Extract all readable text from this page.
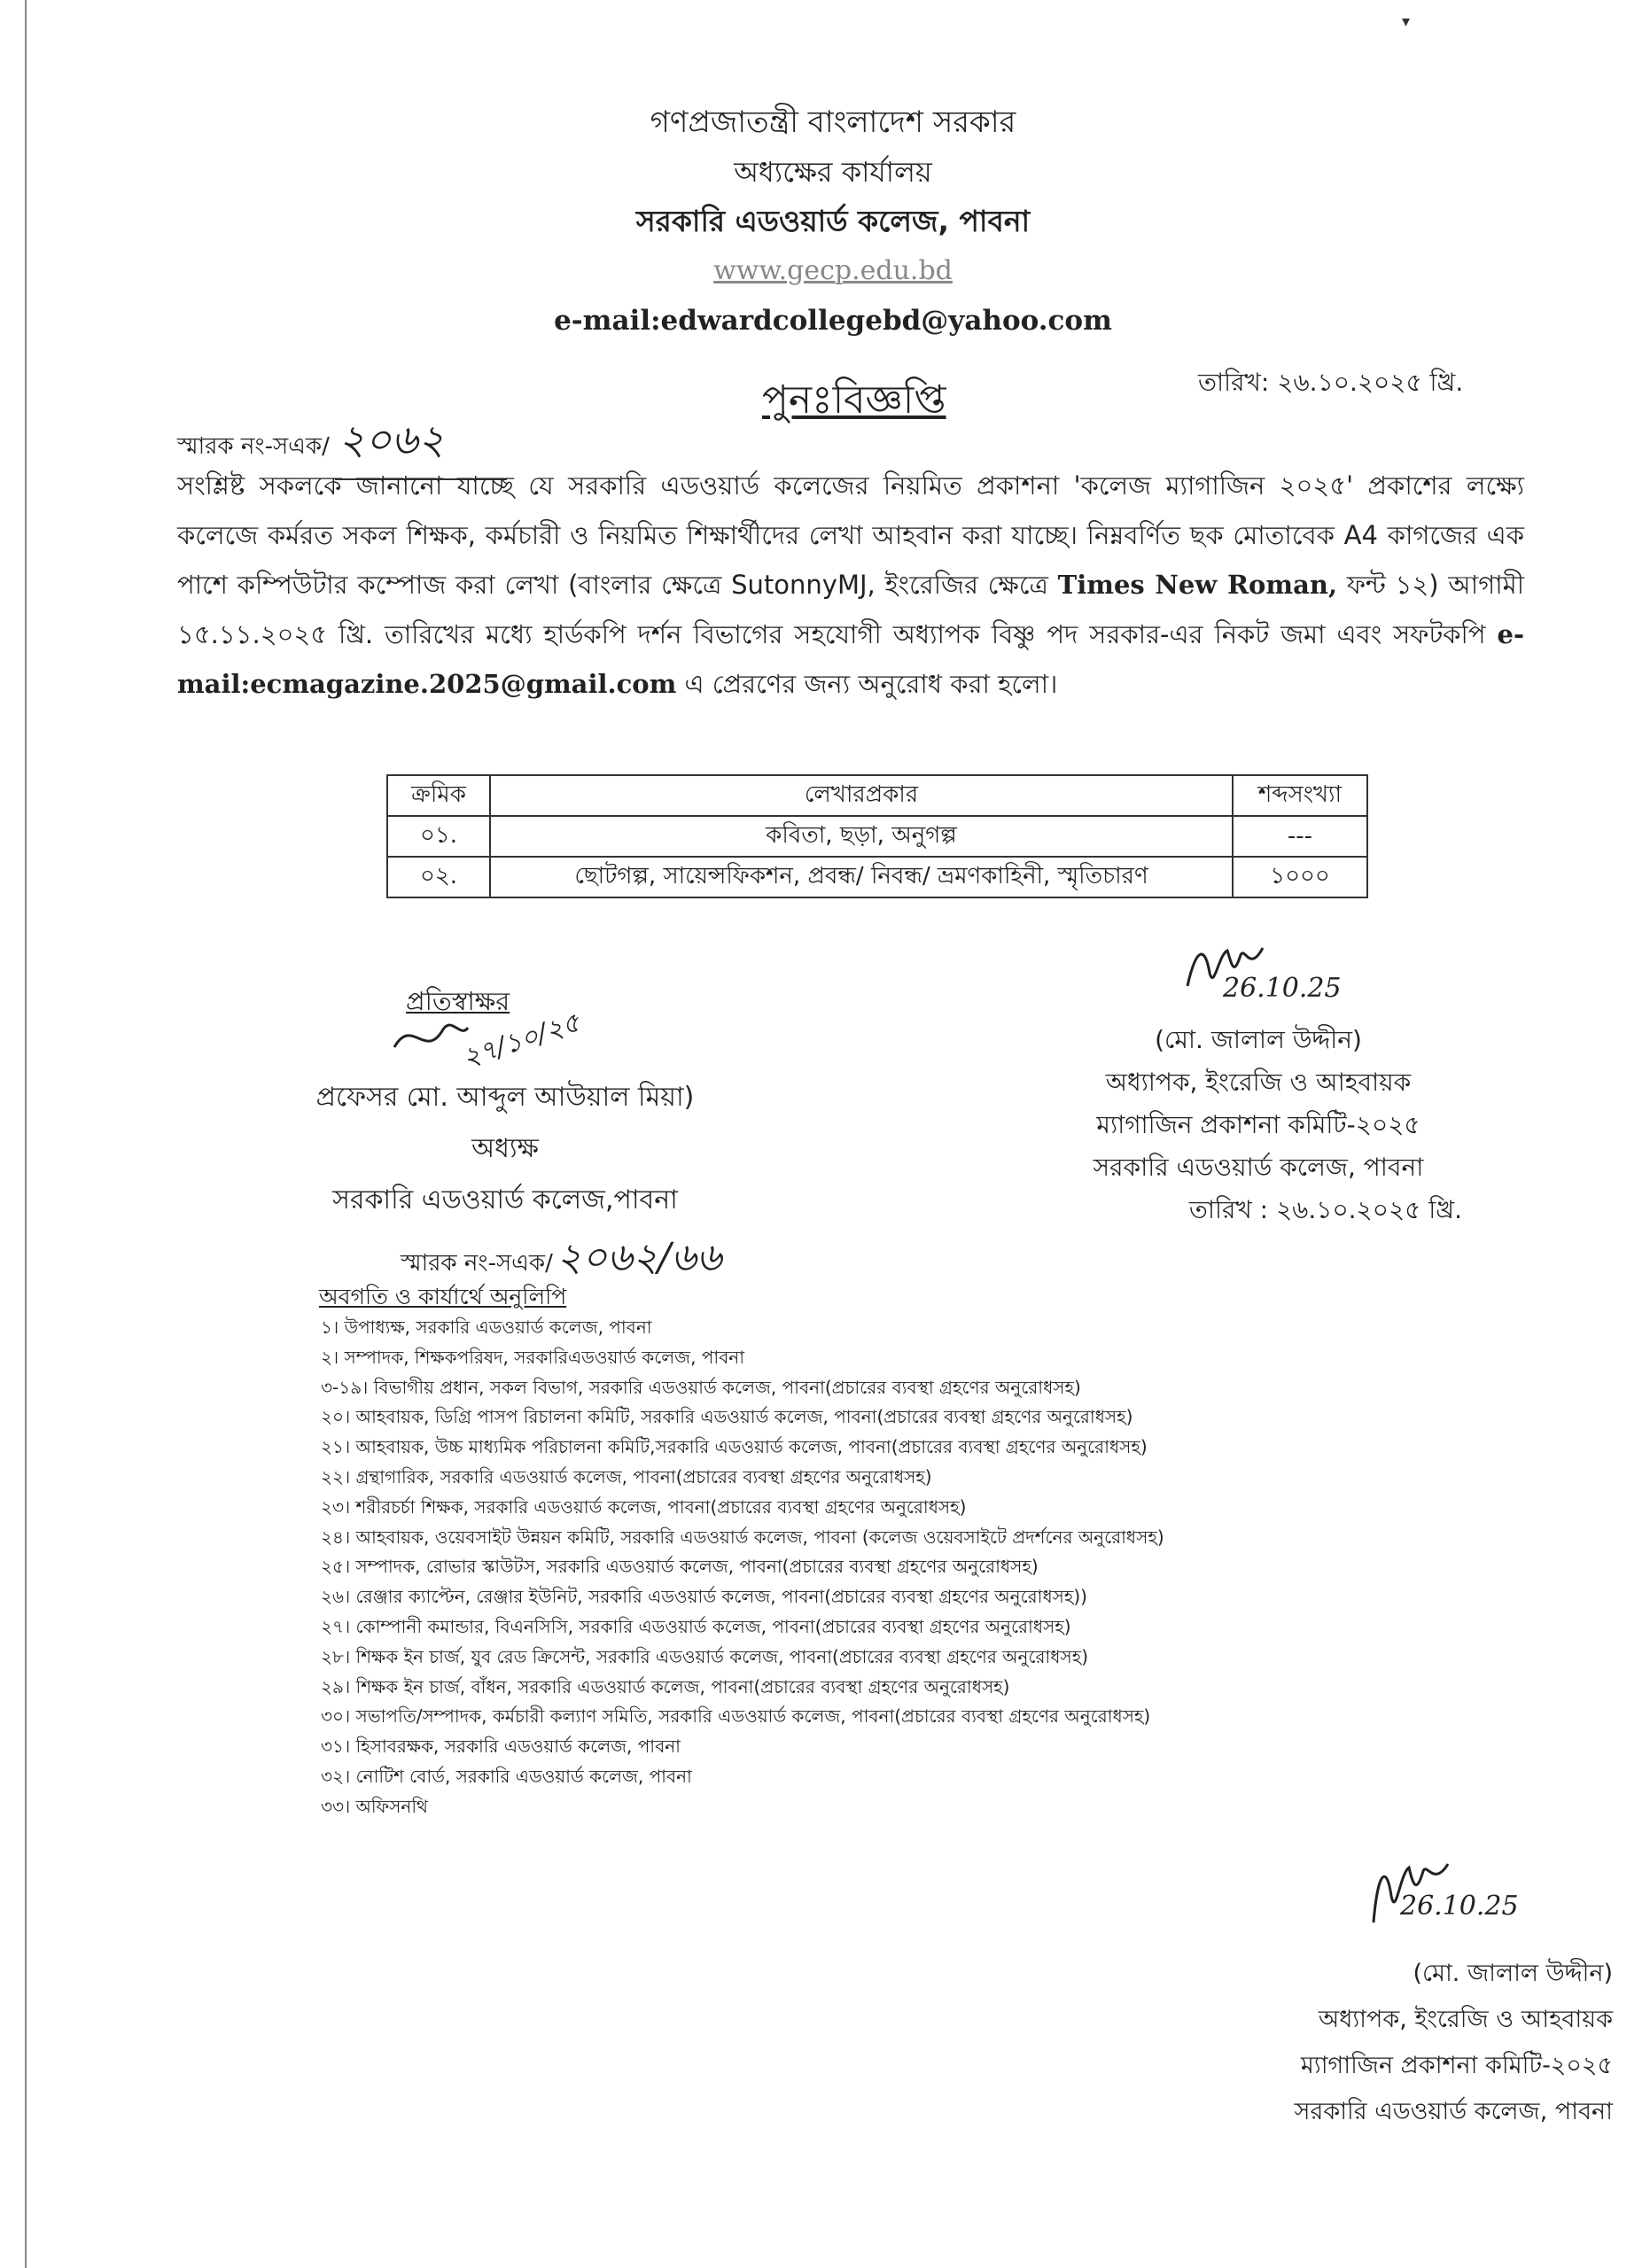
▾
গণপ্রজাতন্ত্রী বাংলাদেশ সরকার
অধ্যক্ষের কার্যালয়
সরকারি এডওয়ার্ড কলেজ, পাবনা
www.gecp.edu.bd
e-mail:edwardcollegebd@yahoo.com
পুনঃবিজ্ঞপ্তি	তারিখ: ২৬.১০.২০২৫ খ্রি.
স্মারক নং-সএক/ ২০৬২
সংশ্লিষ্ট সকলকে জানানো যাচ্ছে যে সরকারি এডওয়ার্ড কলেজের নিয়মিত প্রকাশনা 'কলেজ ম্যাগাজিন ২০২৫' প্রকাশের লক্ষ্যে কলেজে কর্মরত সকল শিক্ষক, কর্মচারী ও নিয়মিত শিক্ষার্থীদের লেখা আহবান করা যাচ্ছে। নিম্নবর্ণিত ছক মোতাবেক A4 কাগজের এক পাশে কম্পিউটার কম্পোজ করা লেখা (বাংলার ক্ষেত্রে SutonnyMJ, ইংরেজির ক্ষেত্রে Times New Roman, ফন্ট ১২) আগামী ১৫.১১.২০২৫ খ্রি. তারিখের মধ্যে হার্ডকপি দর্শন বিভাগের সহযোগী অধ্যাপক বিষ্ণু পদ সরকার-এর নিকট জমা এবং সফটকপি e-mail:ecmagazine.2025@gmail.com এ প্রেরণের জন্য অনুরোধ করা হলো।
ক্রমিক	লেখারপ্রকার	শব্দসংখ্যা
০১.	কবিতা, ছড়া, অনুগল্প	---
০২.	ছোটগল্প, সায়েন্সফিকশন, প্রবন্ধ/ নিবন্ধ/ ভ্রমণকাহিনী, স্মৃতিচারণ	১০০০
26.10.25
(মো. জালাল উদ্দীন)
অধ্যাপক, ইংরেজি ও আহবায়ক
ম্যাগাজিন প্রকাশনা কমিটি-২০২৫
সরকারি এডওয়ার্ড কলেজ, পাবনা
তারিখ : ২৬.১০.২০২৫ খ্রি.
প্রতিস্বাক্ষর
২৭/১০/২৫
প্রফেসর মো. আব্দুল আউয়াল মিয়া)
অধ্যক্ষ
সরকারি এডওয়ার্ড কলেজ,পাবনা
স্মারক নং-সএক/২০৬২/৬৬
অবগতি ও কার্যার্থে অনুলিপি
১। উপাধ্যক্ষ, সরকারি এডওয়ার্ড কলেজ, পাবনা
২। সম্পাদক, শিক্ষকপরিষদ, সরকারিএডওয়ার্ড কলেজ, পাবনা
৩-১৯। বিভাগীয় প্রধান, সকল বিভাগ, সরকারি এডওয়ার্ড কলেজ, পাবনা(প্রচারের ব্যবস্থা গ্রহণের অনুরোধসহ)
২০। আহবায়ক, ডিগ্রি পাসপ রিচালনা কমিটি, সরকারি এডওয়ার্ড কলেজ, পাবনা(প্রচারের ব্যবস্থা গ্রহণের অনুরোধসহ)
২১। আহবায়ক, উচ্চ মাধ্যমিক পরিচালনা কমিটি,সরকারি এডওয়ার্ড কলেজ, পাবনা(প্রচারের ব্যবস্থা গ্রহণের অনুরোধসহ)
২২। গ্রন্থাগারিক, সরকারি এডওয়ার্ড কলেজ, পাবনা(প্রচারের ব্যবস্থা গ্রহণের অনুরোধসহ)
২৩। শরীরচর্চা শিক্ষক, সরকারি এডওয়ার্ড কলেজ, পাবনা(প্রচারের ব্যবস্থা গ্রহণের অনুরোধসহ)
২৪। আহবায়ক, ওয়েবসাইট উন্নয়ন কমিটি, সরকারি এডওয়ার্ড কলেজ, পাবনা (কলেজ ওয়েবসাইটে প্রদর্শনের অনুরোধসহ)
২৫। সম্পাদক, রোভার স্কাউটস, সরকারি এডওয়ার্ড কলেজ, পাবনা(প্রচারের ব্যবস্থা গ্রহণের অনুরোধসহ)
২৬। রেঞ্জার ক্যাপ্টেন, রেঞ্জার ইউনিট, সরকারি এডওয়ার্ড কলেজ, পাবনা(প্রচারের ব্যবস্থা গ্রহণের অনুরোধসহ))
২৭। কোম্পানী কমান্ডার, বিএনসিসি, সরকারি এডওয়ার্ড কলেজ, পাবনা(প্রচারের ব্যবস্থা গ্রহণের অনুরোধসহ)
২৮। শিক্ষক ইন চার্জ, যুব রেড ক্রিসেন্ট, সরকারি এডওয়ার্ড কলেজ, পাবনা(প্রচারের ব্যবস্থা গ্রহণের অনুরোধসহ)
২৯। শিক্ষক ইন চার্জ, বাঁধন, সরকারি এডওয়ার্ড কলেজ, পাবনা(প্রচারের ব্যবস্থা গ্রহণের অনুরোধসহ)
৩০। সভাপতি/সম্পাদক, কর্মচারী কল্যাণ সমিতি, সরকারি এডওয়ার্ড কলেজ, পাবনা(প্রচারের ব্যবস্থা গ্রহণের অনুরোধসহ)
৩১। হিসাবরক্ষক, সরকারি এডওয়ার্ড কলেজ, পাবনা
৩২। নোটিশ বোর্ড, সরকারি এডওয়ার্ড কলেজ, পাবনা
৩৩। অফিসনথি
26.10.25
(মো. জালাল উদ্দীন)
অধ্যাপক, ইংরেজি ও আহবায়ক
ম্যাগাজিন প্রকাশনা কমিটি-২০২৫
সরকারি এডওয়ার্ড কলেজ, পাবনা
